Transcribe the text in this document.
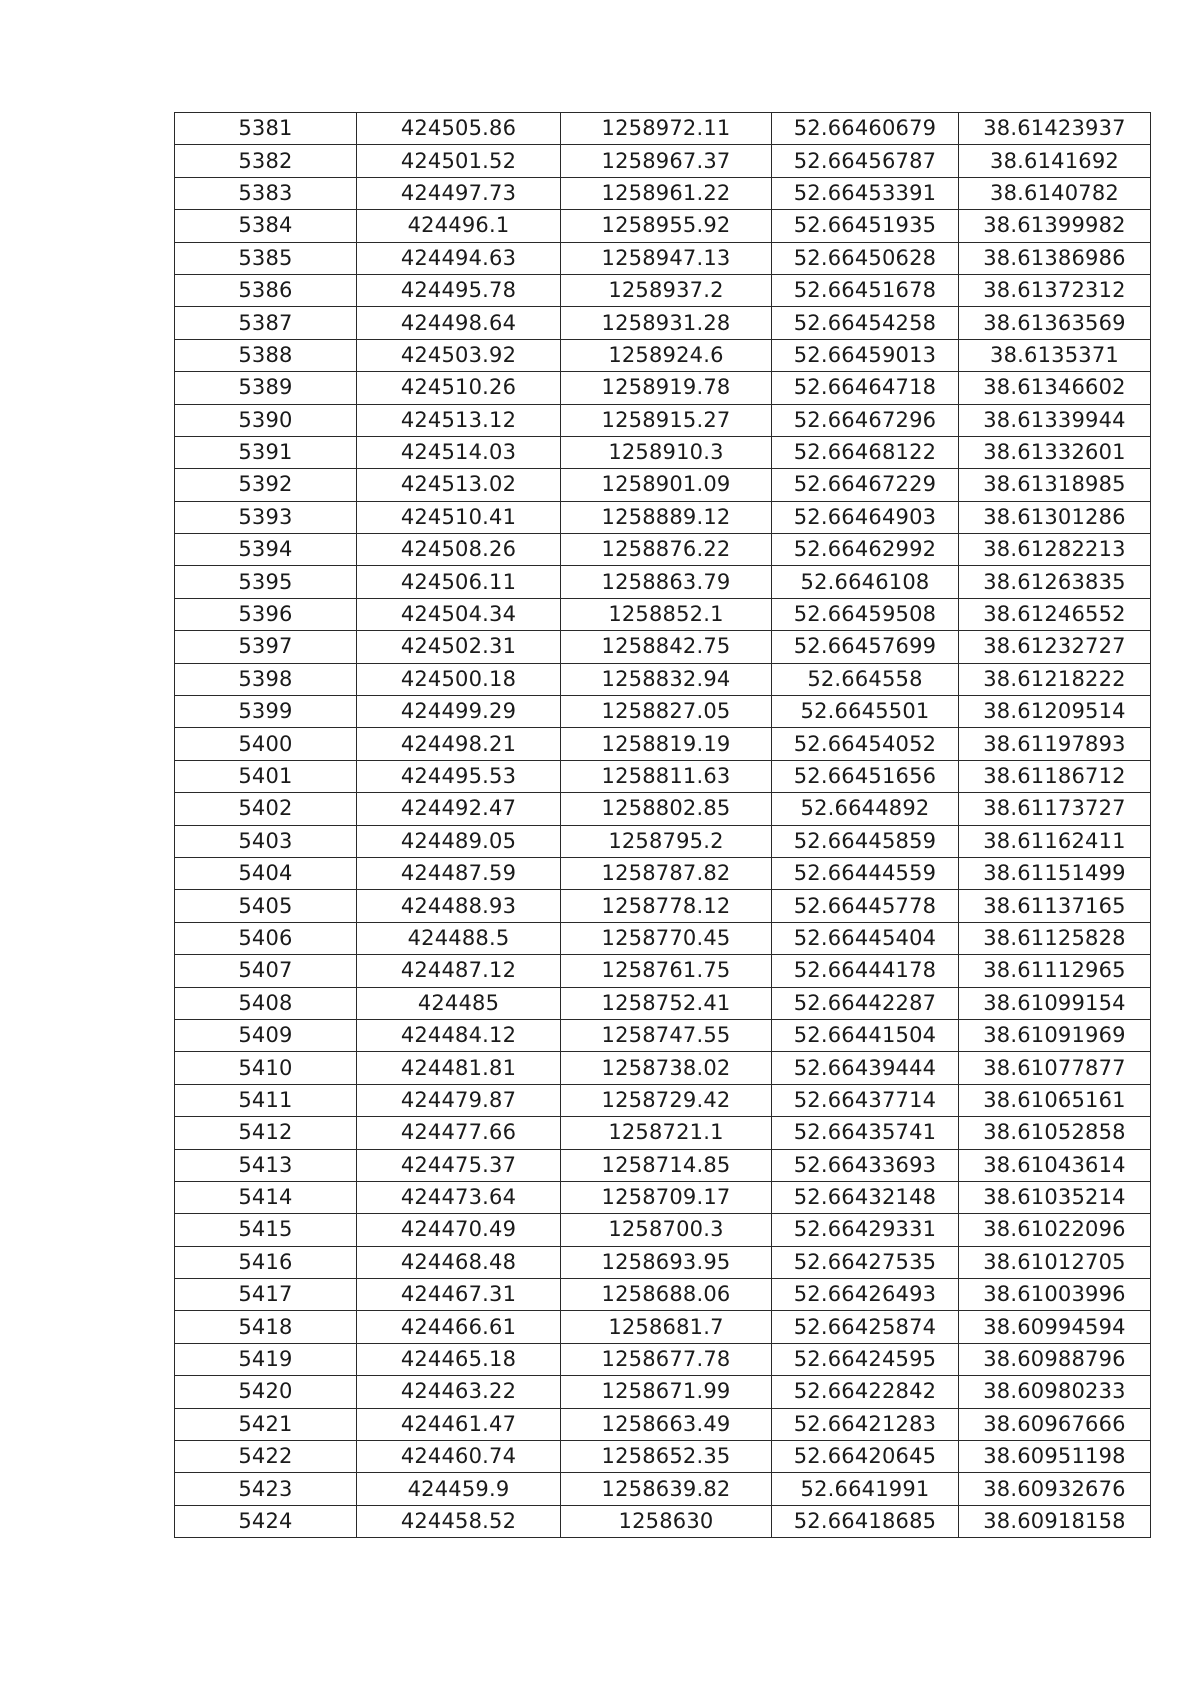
5381	424505.86	1258972.11	52.66460679	38.61423937
5382	424501.52	1258967.37	52.66456787	38.6141692
5383	424497.73	1258961.22	52.66453391	38.6140782
5384	424496.1	1258955.92	52.66451935	38.61399982
5385	424494.63	1258947.13	52.66450628	38.61386986
5386	424495.78	1258937.2	52.66451678	38.61372312
5387	424498.64	1258931.28	52.66454258	38.61363569
5388	424503.92	1258924.6	52.66459013	38.6135371
5389	424510.26	1258919.78	52.66464718	38.61346602
5390	424513.12	1258915.27	52.66467296	38.61339944
5391	424514.03	1258910.3	52.66468122	38.61332601
5392	424513.02	1258901.09	52.66467229	38.61318985
5393	424510.41	1258889.12	52.66464903	38.61301286
5394	424508.26	1258876.22	52.66462992	38.61282213
5395	424506.11	1258863.79	52.6646108	38.61263835
5396	424504.34	1258852.1	52.66459508	38.61246552
5397	424502.31	1258842.75	52.66457699	38.61232727
5398	424500.18	1258832.94	52.664558	38.61218222
5399	424499.29	1258827.05	52.6645501	38.61209514
5400	424498.21	1258819.19	52.66454052	38.61197893
5401	424495.53	1258811.63	52.66451656	38.61186712
5402	424492.47	1258802.85	52.6644892	38.61173727
5403	424489.05	1258795.2	52.66445859	38.61162411
5404	424487.59	1258787.82	52.66444559	38.61151499
5405	424488.93	1258778.12	52.66445778	38.61137165
5406	424488.5	1258770.45	52.66445404	38.61125828
5407	424487.12	1258761.75	52.66444178	38.61112965
5408	424485	1258752.41	52.66442287	38.61099154
5409	424484.12	1258747.55	52.66441504	38.61091969
5410	424481.81	1258738.02	52.66439444	38.61077877
5411	424479.87	1258729.42	52.66437714	38.61065161
5412	424477.66	1258721.1	52.66435741	38.61052858
5413	424475.37	1258714.85	52.66433693	38.61043614
5414	424473.64	1258709.17	52.66432148	38.61035214
5415	424470.49	1258700.3	52.66429331	38.61022096
5416	424468.48	1258693.95	52.66427535	38.61012705
5417	424467.31	1258688.06	52.66426493	38.61003996
5418	424466.61	1258681.7	52.66425874	38.60994594
5419	424465.18	1258677.78	52.66424595	38.60988796
5420	424463.22	1258671.99	52.66422842	38.60980233
5421	424461.47	1258663.49	52.66421283	38.60967666
5422	424460.74	1258652.35	52.66420645	38.60951198
5423	424459.9	1258639.82	52.6641991	38.60932676
5424	424458.52	1258630	52.66418685	38.60918158
